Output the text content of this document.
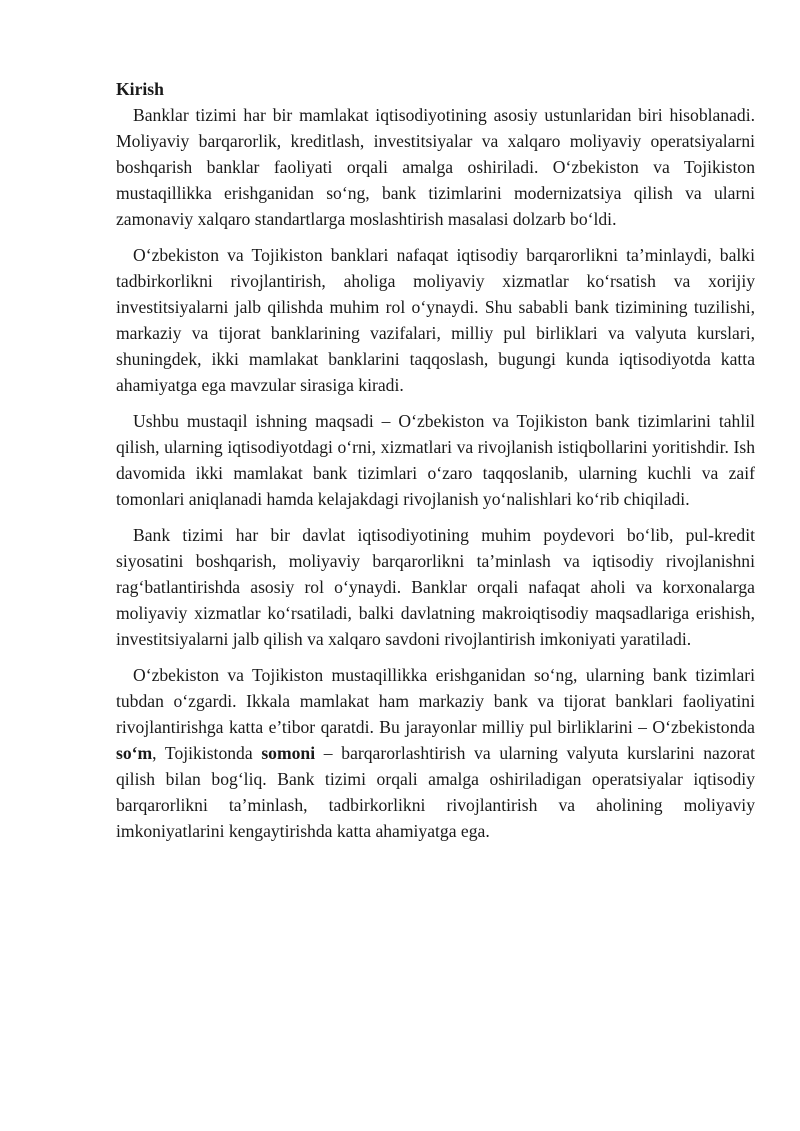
Kirish

Banklar tizimi har bir mamlakat iqtisodiyotining asosiy ustunlaridan biri hisoblanadi. Moliyaviy barqarorlik, kreditlash, investitsiyalar va xalqaro moliyaviy operatsiyalarni boshqarish banklar faoliyati orqali amalga oshiriladi. O‘zbekiston va Tojikiston mustaqillikka erishganidan so‘ng, bank tizimlarini modernizatsiya qilish va ularni zamonaviy xalqaro standartlarga moslashtirish masalasi dolzarb bo‘ldi.

O‘zbekiston va Tojikiston banklari nafaqat iqtisodiy barqarorlikni ta’minlaydi, balki tadbirkorlikni rivojlantirish, aholiga moliyaviy xizmatlar ko‘rsatish va xorijiy investitsiyalarni jalb qilishda muhim rol o‘ynaydi. Shu sababli bank tizimining tuzilishi, markaziy va tijorat banklarining vazifalari, milliy pul birliklari va valyuta kurslari, shuningdek, ikki mamlakat banklarini taqqoslash, bugungi kunda iqtisodiyotda katta ahamiyatga ega mavzular sirasiga kiradi.

Ushbu mustaqil ishning maqsadi – O‘zbekiston va Tojikiston bank tizimlarini tahlil qilish, ularning iqtisodiyotdagi o‘rni, xizmatlari va rivojlanish istiqbollarini yoritishdir. Ish davomida ikki mamlakat bank tizimlari o‘zaro taqqoslanib, ularning kuchli va zaif tomonlari aniqlanadi hamda kelajakdagi rivojlanish yo‘nalishlari ko‘rib chiqiladi.

Bank tizimi har bir davlat iqtisodiyotining muhim poydevori bo‘lib, pul-kredit siyosatini boshqarish, moliyaviy barqarorlikni ta’minlash va iqtisodiy rivojlanishni rag‘batlantirishda asosiy rol o‘ynaydi. Banklar orqali nafaqat aholi va korxonalarga moliyaviy xizmatlar ko‘rsatiladi, balki davlatning makroiqtisodiy maqsadlariga erishish, investitsiyalarni jalb qilish va xalqaro savdoni rivojlantirish imkoniyati yaratiladi.

O‘zbekiston va Tojikiston mustaqillikka erishganidan so‘ng, ularning bank tizimlari tubdan o‘zgardi. Ikkala mamlakat ham markaziy bank va tijorat banklari faoliyatini rivojlantirishga katta e’tibor qaratdi. Bu jarayonlar milliy pul birliklarini – O‘zbekistonda so‘m, Tojikistonda somoni – barqarorlashtirish va ularning valyuta kurslarini nazorat qilish bilan bog‘liq. Bank tizimi orqali amalga oshiriladigan operatsiyalar iqtisodiy barqarorlikni ta’minlash, tadbirkorlikni rivojlantirish va aholining moliyaviy imkoniyatlarini kengaytirishda katta ahamiyatga ega.
